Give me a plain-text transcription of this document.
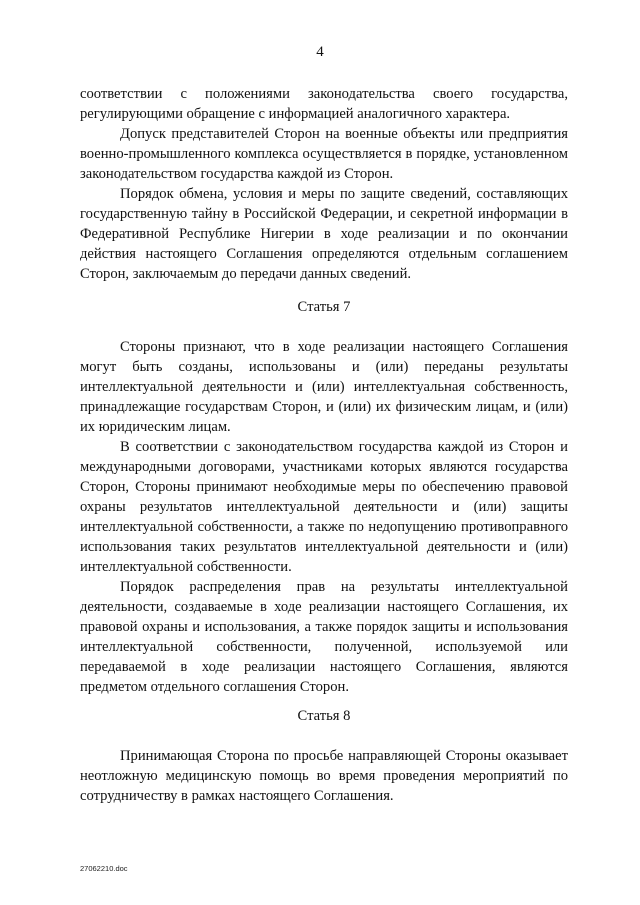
4

соответствии с положениями законодательства своего государства, регулирующими обращение с информацией аналогичного характера.

Допуск представителей Сторон на военные объекты или предприятия военно-промышленного комплекса осуществляется в порядке, установленном законодательством государства каждой из Сторон.

Порядок обмена, условия и меры по защите сведений, составляющих государственную тайну в Российской Федерации, и секретной информации в Федеративной Республике Нигерии в ходе реализации и по окончании действия настоящего Соглашения определяются отдельным соглашением Сторон, заключаемым до передачи данных сведений.

Статья 7

Стороны признают, что в ходе реализации настоящего Соглашения могут быть созданы, использованы и (или) переданы результаты интеллектуальной деятельности и (или) интеллектуальная собственность, принадлежащие государствам Сторон, и (или) их физическим лицам, и (или) их юридическим лицам.

В соответствии с законодательством государства каждой из Сторон и международными договорами, участниками которых являются государства Сторон, Стороны принимают необходимые меры по обеспечению правовой охраны результатов интеллектуальной деятельности и (или) защиты интеллектуальной собственности, а также по недопущению противоправного использования таких результатов интеллектуальной деятельности и (или) интеллектуальной собственности.

Порядок распределения прав на результаты интеллектуальной деятельности, создаваемые в ходе реализации настоящего Соглашения, их правовой охраны и использования, а также порядок защиты и использования интеллектуальной собственности, полученной, используемой или передаваемой в ходе реализации настоящего Соглашения, являются предметом отдельного соглашения Сторон.

Статья 8

Принимающая Сторона по просьбе направляющей Стороны оказывает неотложную медицинскую помощь во время проведения мероприятий по сотрудничеству в рамках настоящего Соглашения.

27062210.doc
